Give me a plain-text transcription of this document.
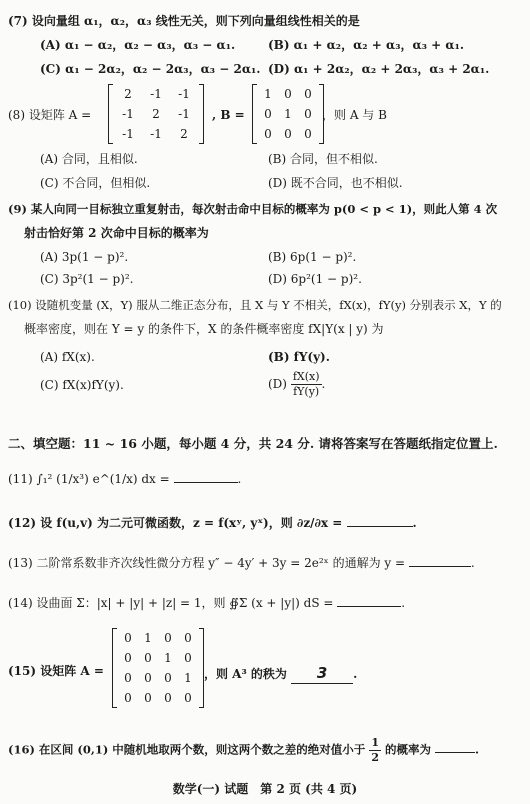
(7) 设向量组 α₁，α₂，α₃ 线性无关，则下列向量组线性相关的是
(A) α₁ − α₂，α₂ − α₃，α₃ − α₁.	(B) α₁ + α₂，α₂ + α₃，α₃ + α₁.
(C) α₁ − 2α₂，α₂ − 2α₃，α₃ − 2α₁. (D) α₁ + 2α₂，α₂ + 2α₃，α₃ + 2α₁.
(8) 设矩阵 A =
2	-1	-1
-1	2	-1
-1	-1	2
, B =
1	0	0
0	1	0
0	0	0
，则 A 与 B
(A) 合同，且相似.	(B) 合同，但不相似.
(C) 不合同，但相似.	(D) 既不合同，也不相似.
(9) 某人向同一目标独立重复射击，每次射击命中目标的概率为 p(0 < p < 1)，则此人第 4 次
射击恰好第 2 次命中目标的概率为
(A) 3p(1 − p)².	(B) 6p(1 − p)².
(C) 3p²(1 − p)².	(D) 6p²(1 − p)².
(10) 设随机变量 (X，Y) 服从二维正态分布，且 X 与 Y 不相关，fX(x)，fY(y) 分别表示 X，Y 的
概率密度，则在 Y = y 的条件下，X 的条件概率密度 fX|Y(x | y) 为
(A) fX(x).	(B) fY(y).
(C) fX(x)fY(y).	$(D) \frac{fX(x)}{fY(y)}$ .
二、填空题：11 ~ 16 小题，每小题 4 分，共 24 分. 请将答案写在答题纸指定位置上.
(11) ∫₁² (1/x³) e^(1/x) dx =	.
(12) 设 f(u,v) 为二元可微函数，z = f(xʸ, yˣ)，则 ∂z/∂x =	.
(13) 二阶常系数非齐次线性微分方程 y″ − 4y′ + 3y = 2e²ˣ 的通解为 y =	.
(14) 设曲面 Σ：|x| + |y| + |z| = 1，则 ∯Σ (x + |y|) dS =	.
(15) 设矩阵 A =
0	1	0	0
0	0	1	0
0	0	0	1
0	0	0	0
，则 A³ 的秩为 3 .
(16) 在区间 (0,1) 中随机地取两个数，则这两个数之差的绝对值小于 $\frac{1}{2}$ 的概率为	.
数学(一) 试题　第 2 页 (共 4 页)
